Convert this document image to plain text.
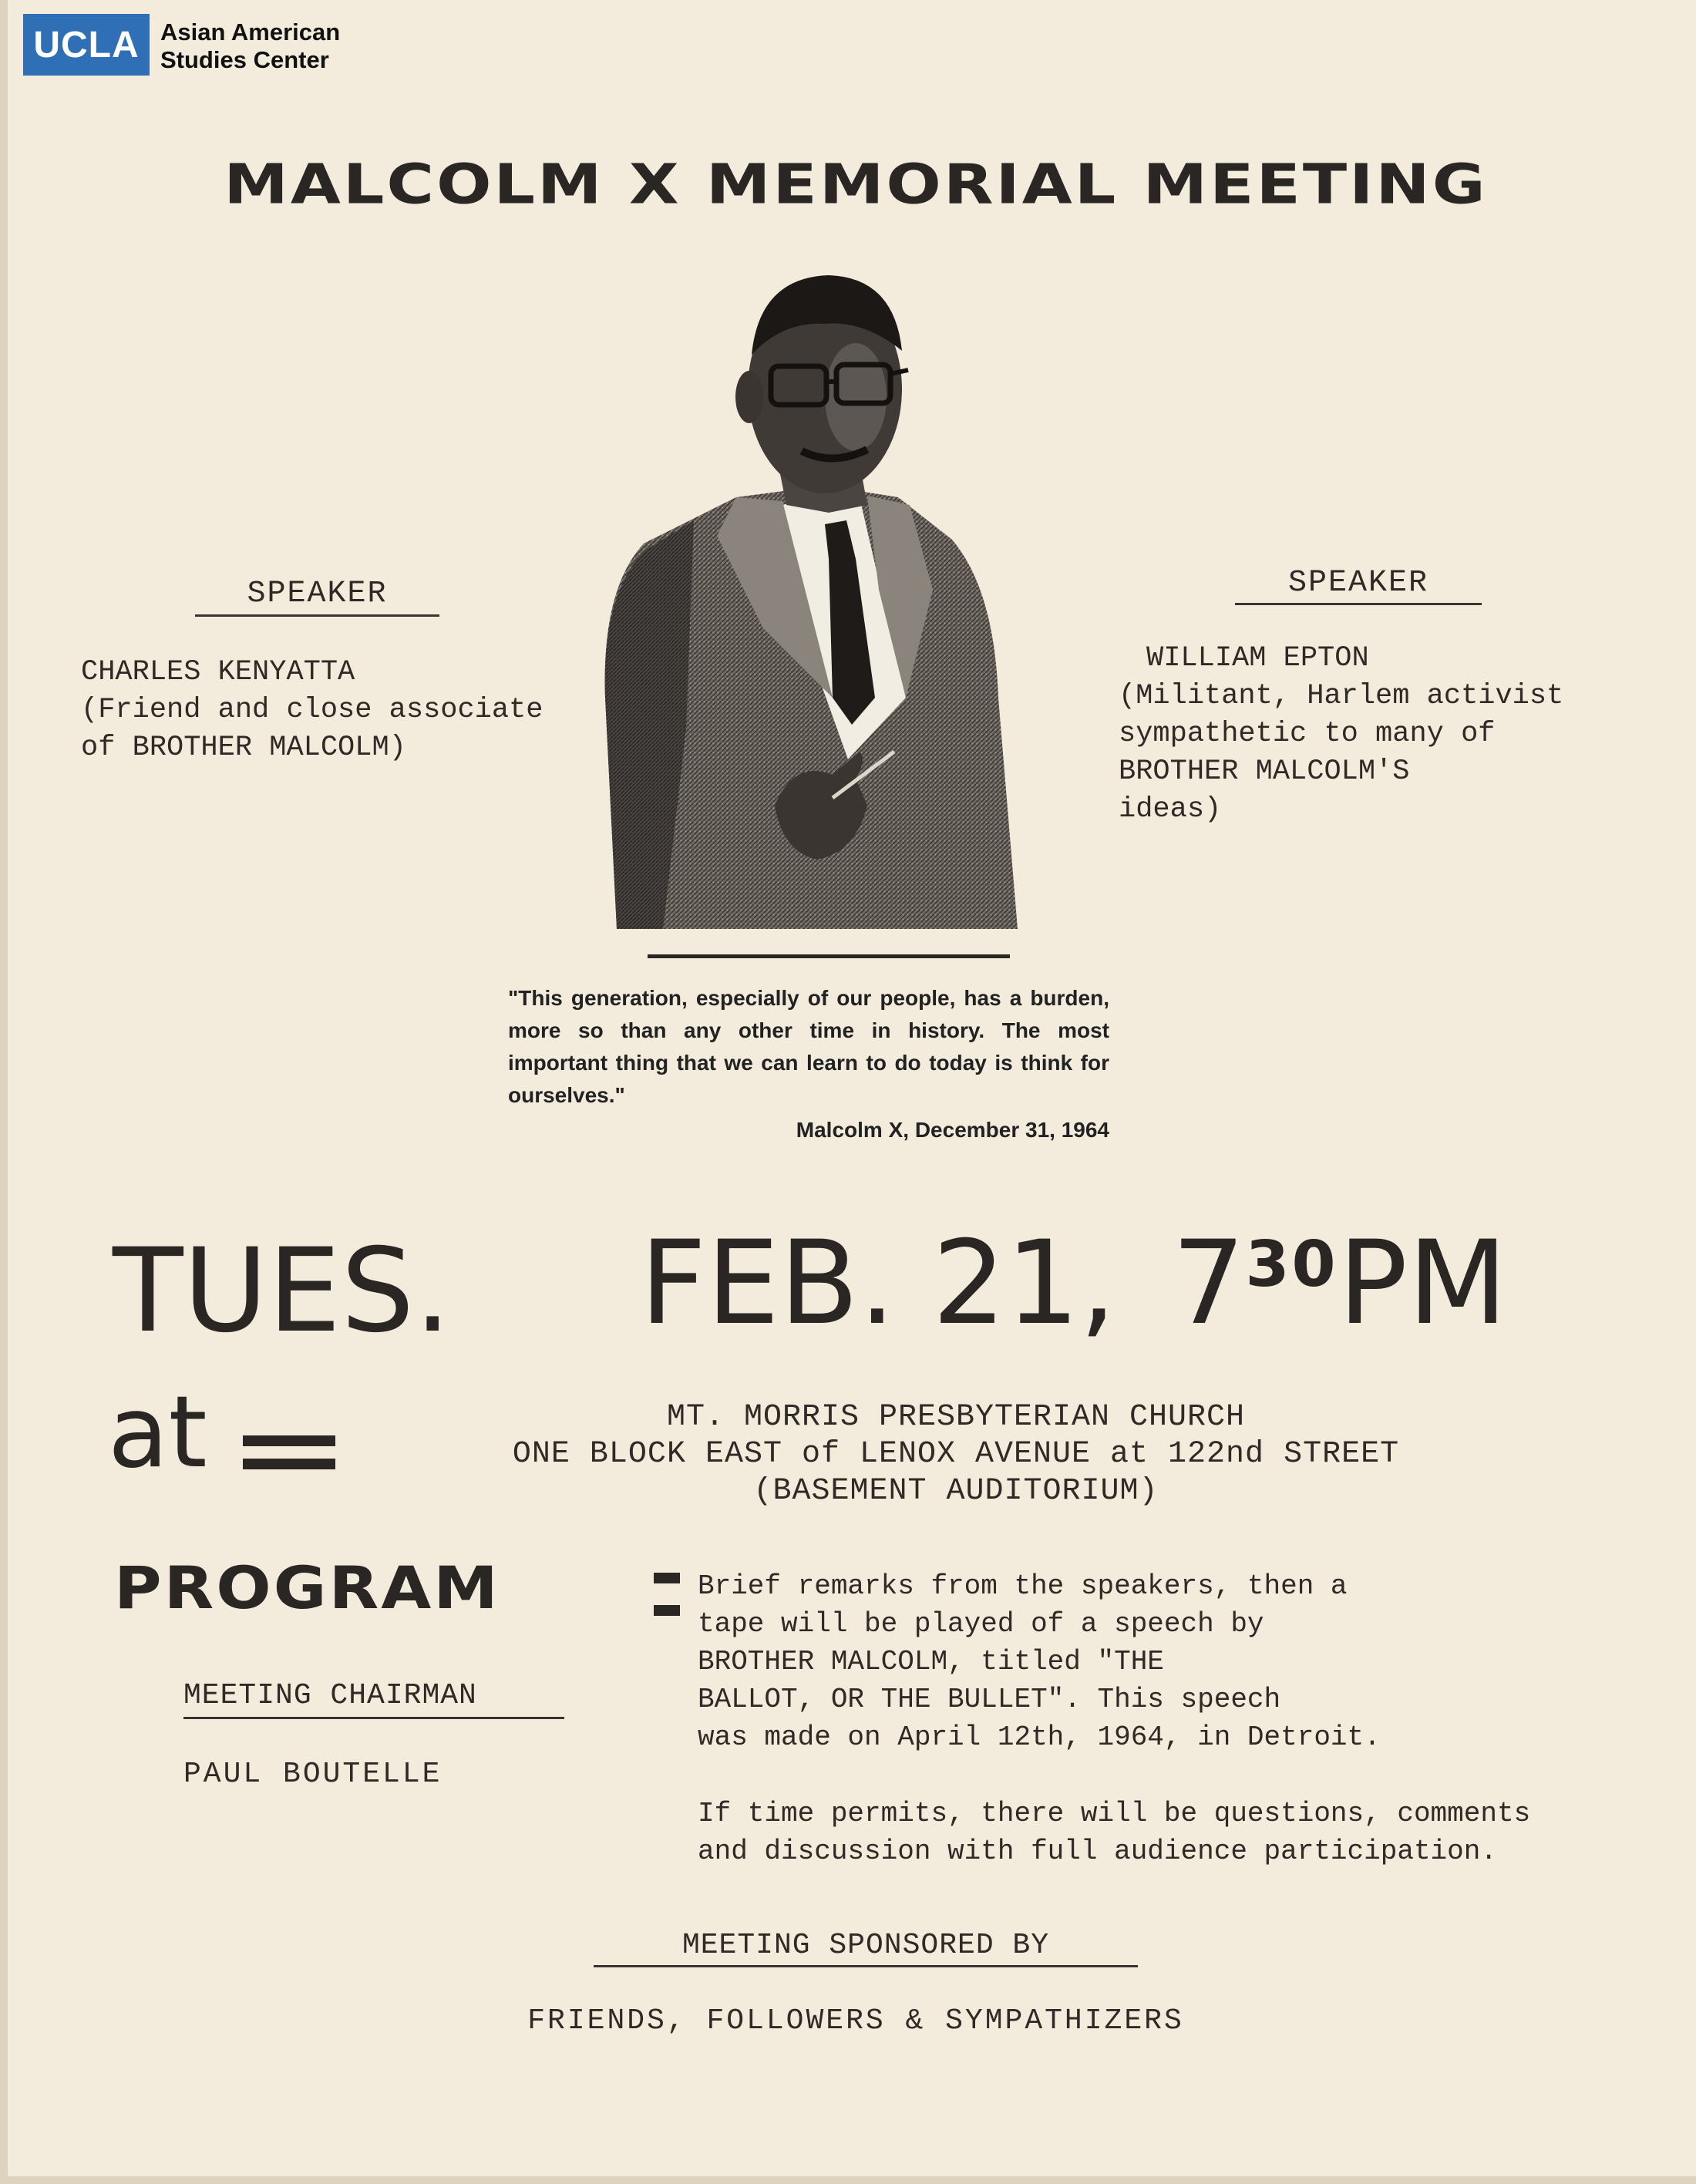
UCLA Asian American
Studies Center
MALCOLM X MEMORIAL MEETING
SPEAKER
CHARLES KENYATTA
(Friend and close associate
of BROTHER MALCOLM)
SPEAKER
WILLIAM EPTON
(Militant, Harlem activist
sympathetic to many of
BROTHER MALCOLM'S
ideas)
"This generation, especially of our people, has a burden, more so than any other time in history. The most important thing that we can learn to do today is think for ourselves."
Malcolm X, December 31, 1964
TUES. FEB. 21, $7^{30}PM$
at	MT. MORRIS PRESBYTERIAN CHURCH
ONE BLOCK EAST of LENOX AVENUE at 122nd STREET
(BASEMENT AUDITORIUM)
PROGRAM	Brief remarks from the speakers, then a
tape will be played of a speech by
BROTHER MALCOLM, titled "THE
BALLOT, OR THE BULLET". This speech
was made on April 12th, 1964, in Detroit.

If time permits, there will be questions, comments
and discussion with full audience participation.

MEETING CHAIRMAN
PAUL BOUTELLE
MEETING SPONSORED BY
FRIENDS, FOLLOWERS & SYMPATHIZERS
